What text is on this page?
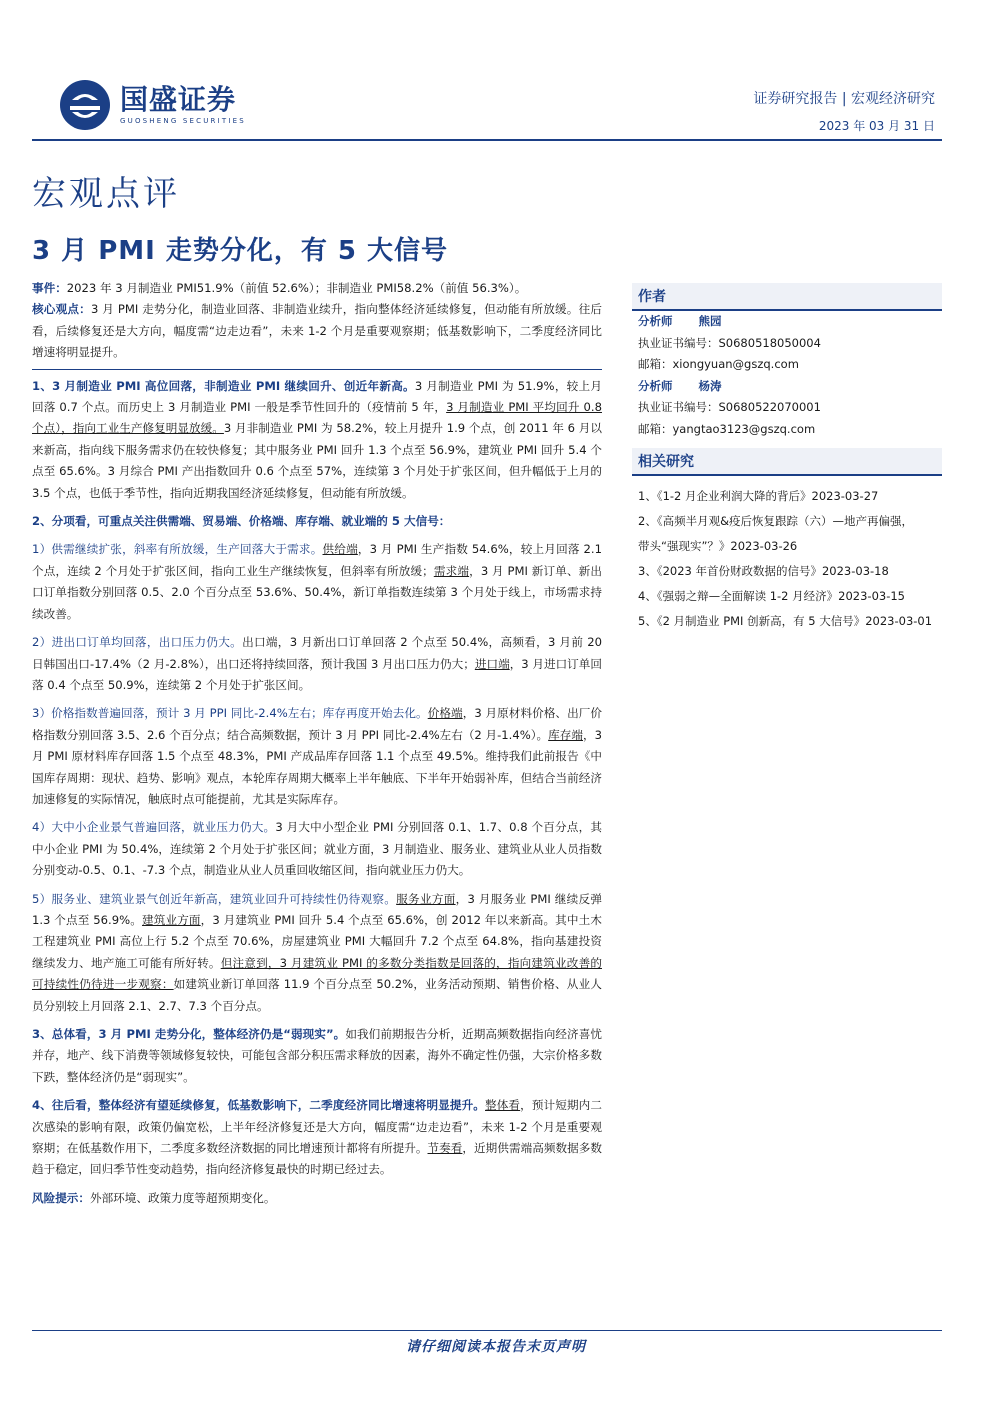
国盛证券
GUOSHENG SECURITIES
证券研究报告 | 宏观经济研究
2023 年 03 月 31 日
宏观点评
3 月 PMI 走势分化，有 5 大信号

事件：2023 年 3 月制造业 PMI51.9%（前值 52.6%）；非制造业 PMI58.2%（前值 56.3%）。

核心观点：3 月 PMI 走势分化，制造业回落、非制造业续升，指向整体经济延续修复，但动能有所放缓。往后看，后续修复还是大方向，幅度需“边走边看”，未来 1-2 个月是重要观察期；低基数影响下，二季度经济同比增速将明显提升。

1、3 月制造业 PMI 高位回落，非制造业 PMI 继续回升、创近年新高。3 月制造业 PMI 为 51.9%，较上月回落 0.7 个点。而历史上 3 月制造业 PMI 一般是季节性回升的（疫情前 5 年，3 月制造业 PMI 平均回升 0.8 个点），指向工业生产修复明显放缓。3 月非制造业 PMI 为 58.2%，较上月提升 1.9 个点，创 2011 年 6 月以来新高，指向线下服务需求仍在较快修复；其中服务业 PMI 回升 1.3 个点至 56.9%，建筑业 PMI 回升 5.4 个点至 65.6%。3 月综合 PMI 产出指数回升 0.6 个点至 57%，连续第 3 个月处于扩张区间，但升幅低于上月的 3.5 个点，也低于季节性，指向近期我国经济延续修复，但动能有所放缓。

2、分项看，可重点关注供需端、贸易端、价格端、库存端、就业端的 5 大信号：

1）供需继续扩张，斜率有所放缓，生产回落大于需求。供给端，3 月 PMI 生产指数 54.6%，较上月回落 2.1 个点，连续 2 个月处于扩张区间，指向工业生产继续恢复，但斜率有所放缓；需求端，3 月 PMI 新订单、新出口订单指数分别回落 0.5、2.0 个百分点至 53.6%、50.4%，新订单指数连续第 3 个月处于线上，市场需求持续改善。

2）进出口订单均回落，出口压力仍大。出口端，3 月新出口订单回落 2 个点至 50.4%，高频看，3 月前 20 日韩国出口-17.4%（2 月-2.8%），出口还将持续回落，预计我国 3 月出口压力仍大；进口端，3 月进口订单回落 0.4 个点至 50.9%，连续第 2 个月处于扩张区间。

3）价格指数普遍回落，预计 3 月 PPI 同比-2.4%左右；库存再度开始去化。价格端，3 月原材料价格、出厂价格指数分别回落 3.5、2.6 个百分点；结合高频数据，预计 3 月 PPI 同比-2.4%左右（2 月-1.4%）。库存端，3 月 PMI 原材料库存回落 1.5 个点至 48.3%，PMI 产成品库存回落 1.1 个点至 49.5%。维持我们此前报告《中国库存周期：现状、趋势、影响》观点，本轮库存周期大概率上半年触底、下半年开始弱补库，但结合当前经济加速修复的实际情况，触底时点可能提前，尤其是实际库存。

4）大中小企业景气普遍回落，就业压力仍大。3 月大中小型企业 PMI 分别回落 0.1、1.7、0.8 个百分点，其中小企业 PMI 为 50.4%，连续第 2 个月处于扩张区间；就业方面，3 月制造业、服务业、建筑业从业人员指数分别变动-0.5、0.1、-7.3 个点，制造业从业人员重回收缩区间，指向就业压力仍大。

5）服务业、建筑业景气创近年新高，建筑业回升可持续性仍待观察。服务业方面，3 月服务业 PMI 继续反弹 1.3 个点至 56.9%。建筑业方面，3 月建筑业 PMI 回升 5.4 个点至 65.6%，创 2012 年以来新高。其中土木工程建筑业 PMI 高位上行 5.2 个点至 70.6%，房屋建筑业 PMI 大幅回升 7.2 个点至 64.8%，指向基建投资继续发力、地产施工可能有所好转。但注意到，3 月建筑业 PMI 的多数分类指数是回落的，指向建筑业改善的可持续性仍待进一步观察：如建筑业新订单回落 11.9 个百分点至 50.2%，业务活动预期、销售价格、从业人员分别较上月回落 2.1、2.7、7.3 个百分点。

3、总体看，3 月 PMI 走势分化，整体经济仍是“弱现实”。如我们前期报告分析，近期高频数据指向经济喜忧并存，地产、线下消费等领域修复较快，可能包含部分积压需求释放的因素，海外不确定性仍强，大宗价格多数下跌，整体经济仍是“弱现实”。

4、往后看，整体经济有望延续修复，低基数影响下，二季度经济同比增速将明显提升。整体看，预计短期内二次感染的影响有限，政策仍偏宽松，上半年经济修复还是大方向，幅度需“边走边看”，未来 1-2 个月是重要观察期；在低基数作用下，二季度多数经济数据的同比增速预计都将有所提升。节奏看，近期供需端高频数据多数趋于稳定，回归季节性变动趋势，指向经济修复最快的时期已经过去。

风险提示：外部环境、政策力度等超预期变化。

作者
分析师 熊园
执业证书编号：S0680518050004
邮箱：xiongyuan@gszq.com
分析师 杨涛
执业证书编号：S0680522070001
邮箱：yangtao3123@gszq.com
相关研究
1、《1-2 月企业利润大降的背后》2023-03-27
2、《高频半月观&疫后恢复跟踪（六）—地产再偏强，
带头“强现实”？》2023-03-26
3、《2023 年首份财政数据的信号》2023-03-18
4、《强弱之辩—全面解读 1-2 月经济》2023-03-15
5、《2 月制造业 PMI 创新高，有 5 大信号》2023-03-01
请仔细阅读本报告末页声明
